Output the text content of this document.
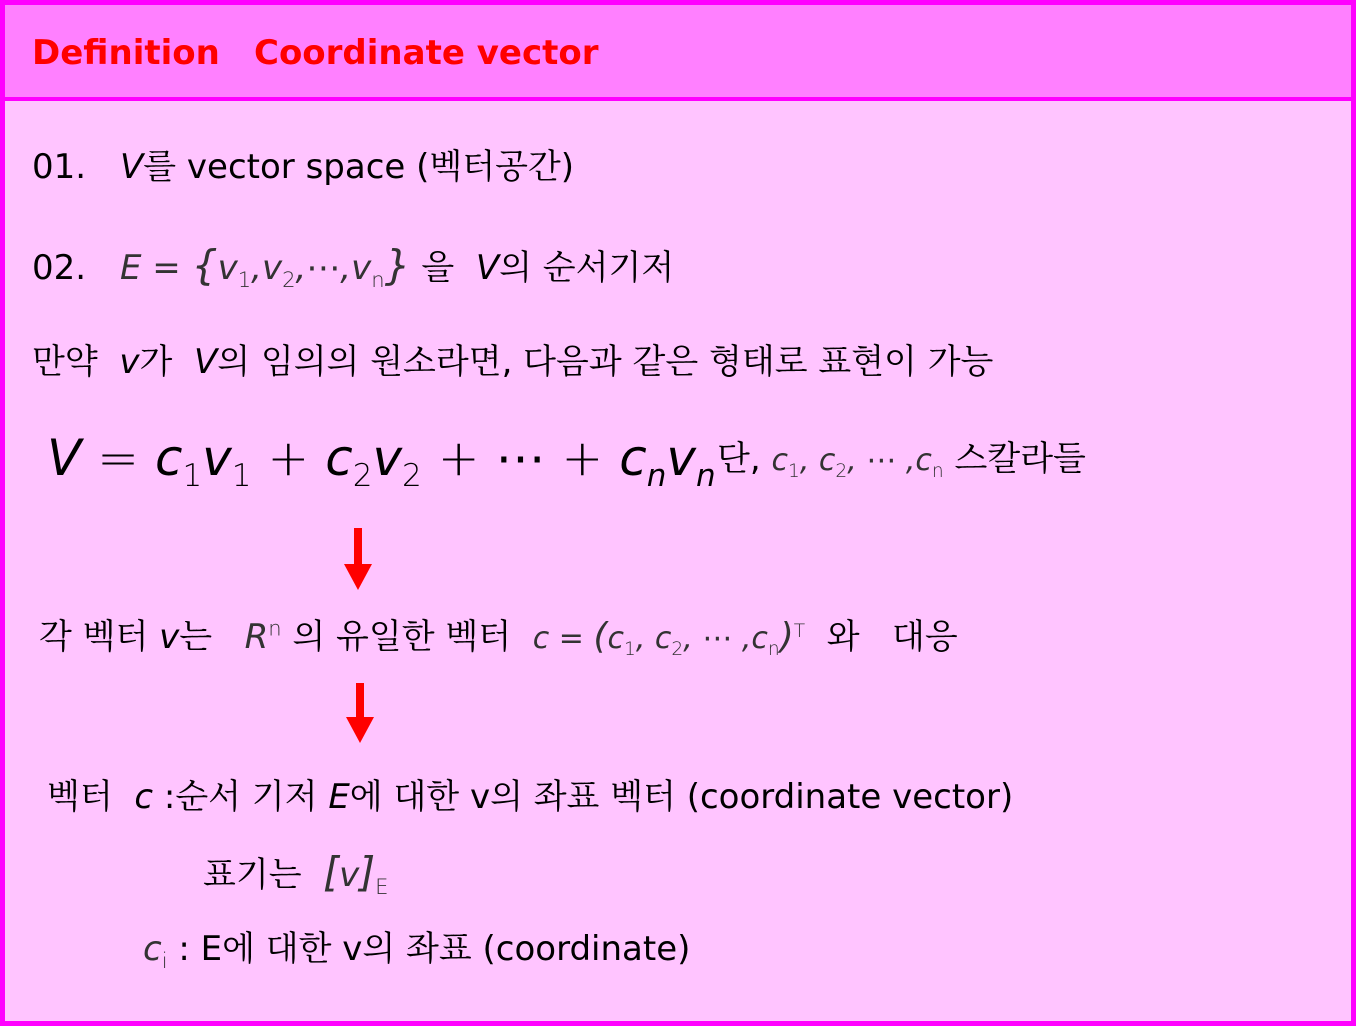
Definition Coordinate vector
01. V를 vector space (벡터공간)
02. $E = \{v_1,v_2,\cdots,v_n\}$ 을 V의 순서기저
만약 v가 V의 임의의 원소라면, 다음과 같은 형태로 표현이 가능
$V = c_1v_1 + c_2v_2$ + ⋯ + $c_nv_n$ 단, $c_1$, $c_2$, ⋯ $,c_n$ 스칼라들
각 벡터 v는 $R^n$ 의 유일한 벡터 $c = (c_1$, $c_2$, ⋯ $,c_n)^T$ 와 대응
벡터 c :순서 기저 E에 대한 v의 좌표 벡터 (coordinate vector)
표기는 $[v]_E$
$c_i$ : E에 대한 v의 좌표 (coordinate)
